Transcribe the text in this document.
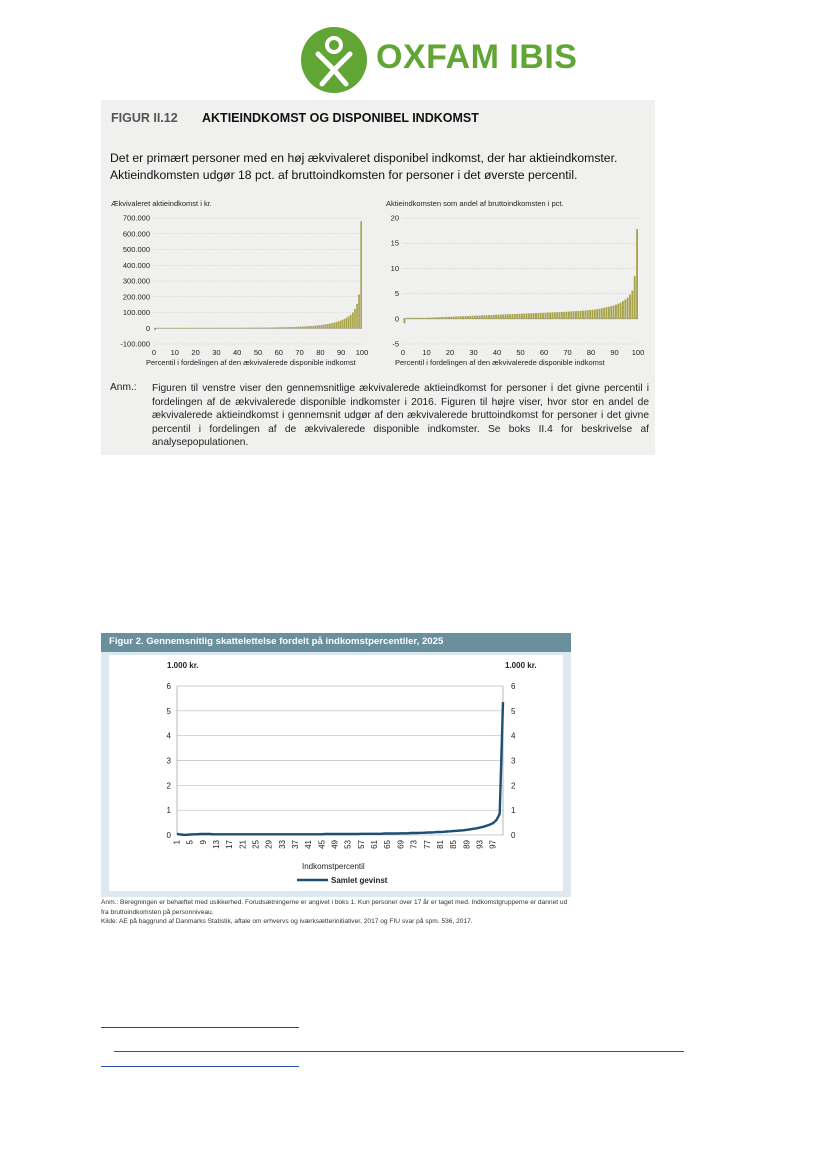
OXFAM IBIS
FIGUR II.12 AKTIEINDKOMST OG DISPONIBEL INDKOMST
Det er primært personer med en høj ækvivaleret disponibel indkomst, der har aktieindkomster. Aktieindkomsten udgør 18 pct. af bruttoindkomsten for personer i det øverste percentil.
Ækvivaleret aktieindkomst i kr.
-100.000
0
100.000
200.000
300.000
400.000
500.000
600.000
700.000
0 10 20 30 40 50 60 70 80 90 100
Percentil i fordelingen af den ækvivalerede disponible indkomst
Aktieindkomsten som andel af bruttoindkomsten i pct.
-5
0
5
10
15
20
0 10 20 30 40 50 60 70 80 90 100
Percentil i fordelingen af den ækvivalerede disponible indkomst
Anm.: Figuren til venstre viser den gennemsnitlige ækvivalerede aktieindkomst for personer i det givne percentil i fordelingen af de ækvivalerede disponible indkomster i 2016. Figuren til højre viser, hvor stor en andel de ækvivalerede aktieindkomst i gennemsnit udgør af den ækvivalerede bruttoindkomst for personer i det givne percentil i fordelingen af de ækvivalerede disponible indkomster. Se boks II.4 for beskrivelse af analysepopulationen.
Figur 2. Gennemsnitlig skattelettelse fordelt på indkomstpercentiler, 2025
1.000 kr.	1.000 kr.
0	0
1	1
2	2
3	3
4	4
5	5
6	6
1 5 9 13 17 21 25 29 33 37 41 45 49 53 57 61 65 69 73 77 81 85 89 93 97
Indkomstpercentil
Samlet gevinst
Anm.: Beregningen er behæftet med usikkerhed. Forudsætningerne er angivet i boks 1. Kun personer over 17 år er taget med. Indkomstgrupperne er dannet ud fra bruttoindkomsten på personniveau.
Kilde: AE på baggrund af Danmarks Statistik, aftale om erhvervs og iværksætterinitiativer, 2017 og FIU svar på spm. 536, 2017.
